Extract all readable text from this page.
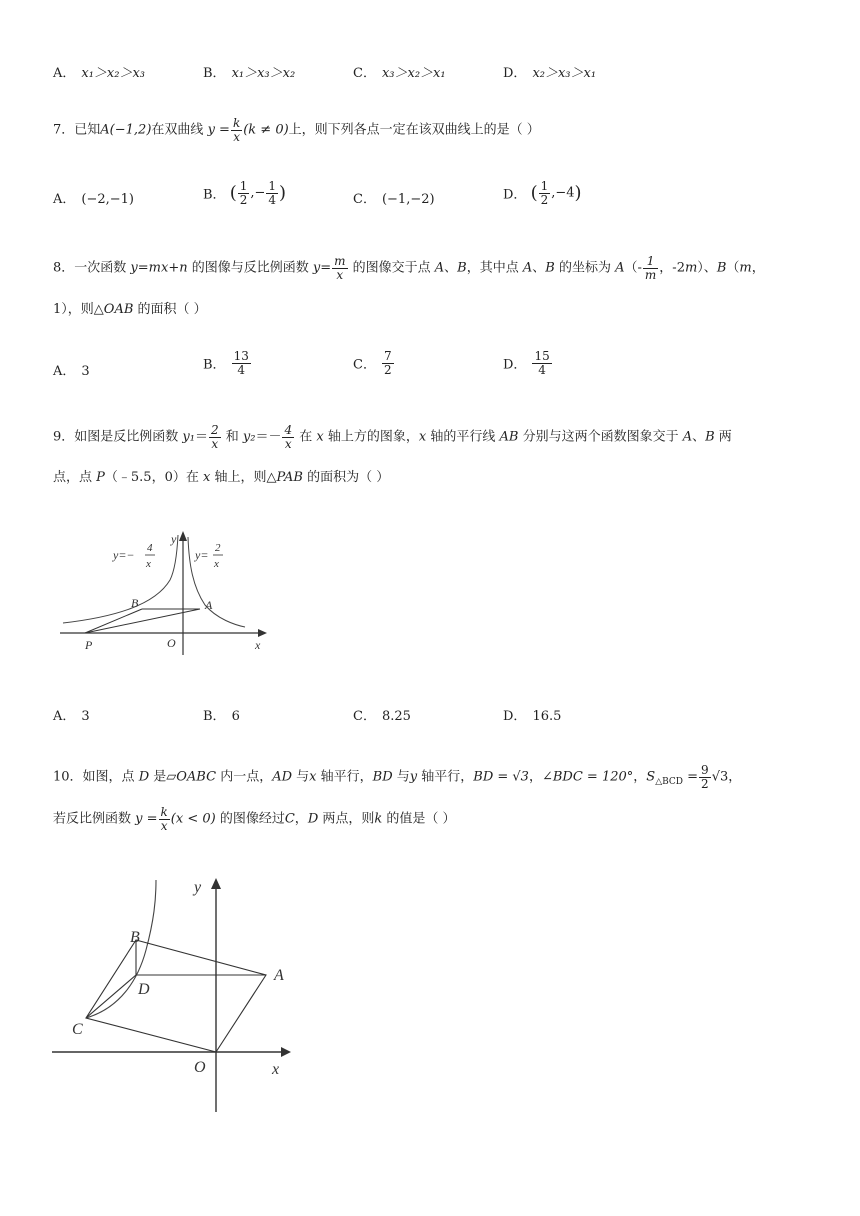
A． x₁＞x₂＞x₃	B． x₁＞x₃＞x₂	C． x₃＞x₂＞x₁	D． x₂＞x₃＞x₁
7．已知A(−1,2)在双曲线 $y = \frac{k}{x} (k \ne 0)$上，则下列各点一定在该双曲线上的是（ ）
A． (−2,−1)	B． ( $\frac{1}{2}$ ,− $\frac{1}{4}$ )	C． (−1,−2)	D． ( $\frac{1}{2} ,-4$)
8．一次函数 y=mx+n 的图像与反比例函数 $y= \frac{m}{x}$ 的图像交于点 A、B，其中点 A、B 的坐标为 $A(- \frac{1}{m}$ ，-2m）、B（m，
1），则△OAB 的面积（ ）
A． 3	B． $\frac{13}{4}$	C． $\frac{7}{2}$	D． $\frac{15}{4}$
9．如图是反比例函数 $y_1= \frac{2}{x}$ 和 $y_2=- \frac{4}{x}$ 在 x 轴上方的图象，x 轴的平行线 AB 分别与这两个函数图象交于 A、B 两
点，点 P（﹣5.5，0）在 x 轴上，则△PAB 的面积为（ ）
y=− 4
x
y= 2
x
y
B	A
P	O	x
A． 3	B． 6	C． 8.25	D． 16.5
10．如图，点 D 是▱OABC 内一点，AD 与x 轴平行，BD 与y 轴平行，BD = √3，∠BDC = 120°，$S_{\triangle BCD} = \frac{9}{2} √3$，
若反比例函数 $y = \frac{k}{x} (x < 0)$ 的图像经过C，D 两点，则k 的值是（ ）
y
B
A
D
C
O	x
